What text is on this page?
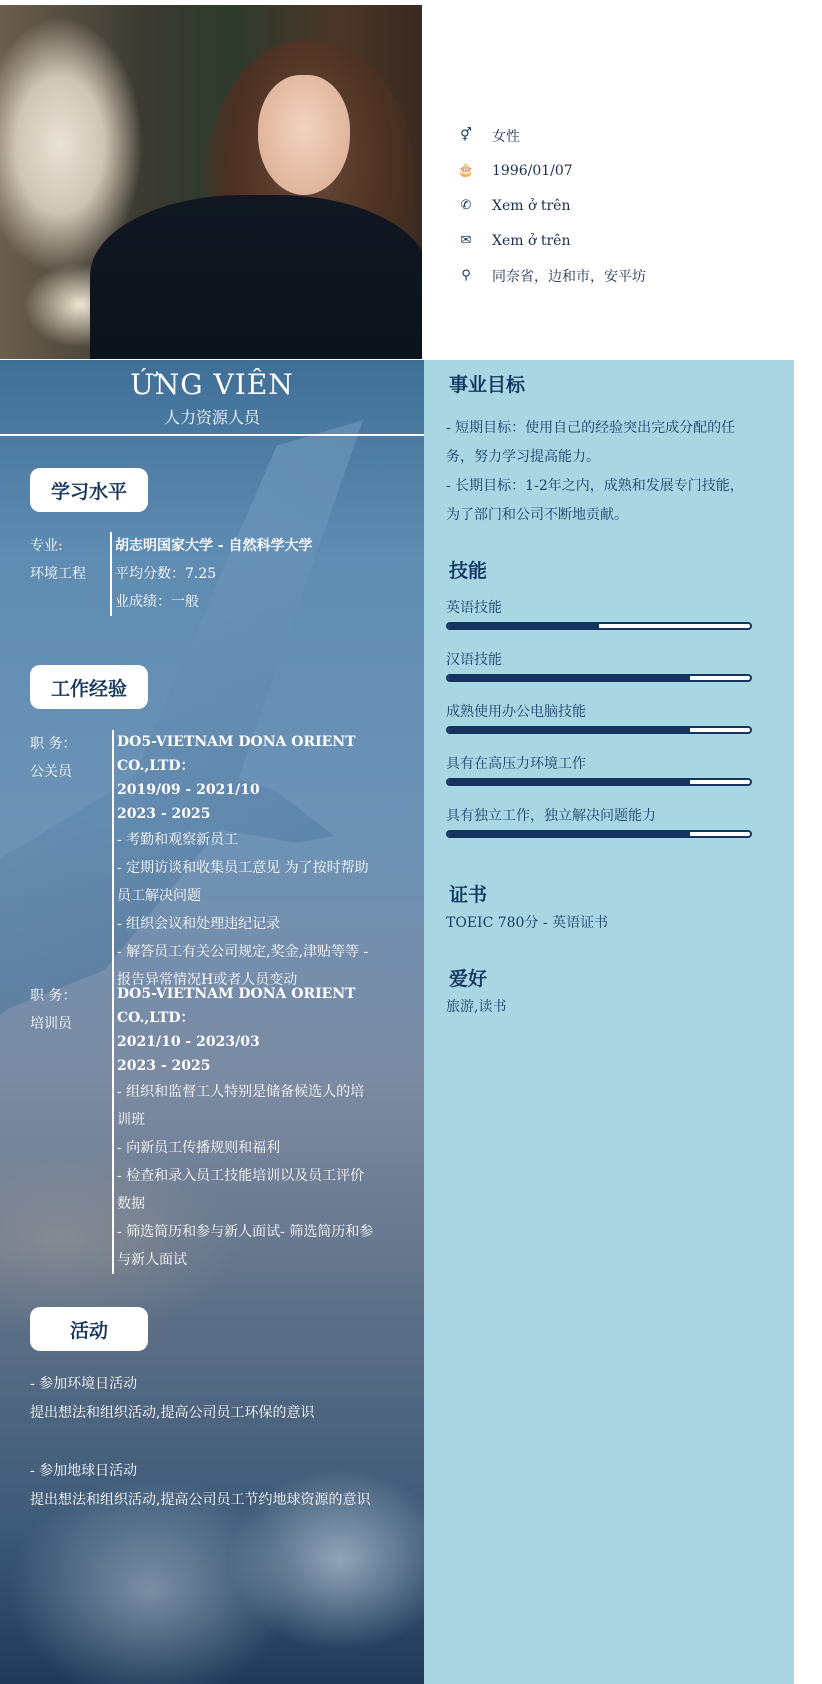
⚥	女性
🎂	1996/01/07
✆	Xem ở trên
✉	Xem ở trên
⚲	同奈省，边和市，安平坊
ỨNG VIÊN
人力资源人员
学习水平
专业:
环境工程
胡志明国家大学 - 自然科学大学
平均分数：7.25
业成绩：一般
工作经验
职 务：
公关员
DO5-VIETNAM DONA ORIENT CO.,LTD：
2019/09 - 2021/10
2023 - 2025
- 考勤和观察新员工
- 定期访谈和收集员工意见 为了按时帮助员工解决问题
- 组织会议和处理违纪记录
- 解答员工有关公司规定,奖金,津贴等等 - 报告异常情况H或者人员变动
职 务：
培训员
DO5-VIETNAM DONA ORIENT CO.,LTD：
2021/10 - 2023/03
2023 - 2025
- 组织和监督工人特别是储备候选人的培训班
- 向新员工传播规则和福利
- 检查和录入员工技能培训以及员工评价数据
- 筛选简历和参与新人面试- 筛选简历和参与新人面试
活动
- 参加环境日活动
提出想法和组织活动,提高公司员工环保的意识
- 参加地球日活动
提出想法和组织活动,提高公司员工节约地球资源的意识
事业目标
- 短期目标：使用自己的经验突出完成分配的任务，努力学习提高能力。
- 长期目标：1-2年之内，成熟和发展专门技能，为了部门和公司不断地贡献。
技能
英语技能
汉语技能
成熟使用办公电脑技能
具有在高压力环境工作
具有独立工作，独立解决问题能力
证书
TOEIC 780分 - 英语证书
爱好
旅游,读书
